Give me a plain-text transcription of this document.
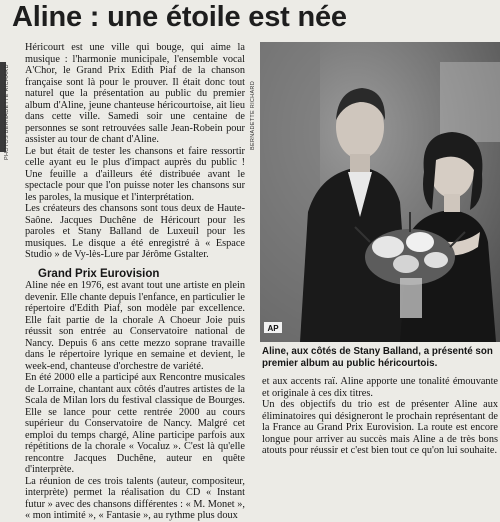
Aline : une étoile est née
PHOTOS BERNADETTE RICHARD

Héricourt est une ville qui bouge, qui aime la musique : l'harmonie municipale, l'ensemble vocal A'Chor, le Grand Prix Edith Piaf de la chanson française sont là pour le prouver. Il était donc tout naturel que la présentation au public du premier album d'Aline, jeune chanteuse héricourtoise, ait lieu dans cette ville. Samedi soir une centaine de personnes se sont retrouvées salle Jean-Robein pour assister au tour de chant d'Aline.

Le but était de tester les chansons et faire ressortir celle ayant eu le plus d'impact auprès du public ! Une feuille a d'ailleurs été distribuée avant le spectacle pour que l'on puisse noter les chansons sur les paroles, la musique et l'interprétation.

Les créateurs des chansons sont tous deux de Haute-Saône. Jacques Duchêne de Héricourt pour les paroles et Stany Balland de Luxeuil pour les musiques. Le disque a été enregistré à « Espace Studio » de Vy-lès-Lure par Jérôme Gstalter.

Grand Prix Eurovision

Aline née en 1976, est avant tout une artiste en plein devenir. Elle chante depuis l'enfance, en particulier le répertoire d'Edith Piaf, son modèle par excellence. Elle fait partie de la chorale A Choeur Joie puis réussit son entrée au Conservatoire national de Nancy. Depuis 6 ans cette mezzo soprane travaille dans le répertoire lyrique en semaine et devient, le week-end, chanteuse d'orchestre de variété.

En été 2000 elle a participé aux Rencontre musicales de Lorraine, chantant aux côtés d'autres artistes de la Scala de Milan lors du festival classique de Bourges. Elle se lance pour cette rentrée 2000 au cours supérieur du Conservatoire de Nancy. Malgré cet emploi du temps chargé, Aline participe parfois aux répétitions de la chorale « Vocaluz ». C'est là qu'elle rencontre Jacques Duchêne, auteur en quête d'interprète.

La réunion de ces trois talents (auteur, compositeur, interprète) permet la réalisation du CD « Instant futur » avec des chansons différentes : « M. Monet », « mon intimité », « Fantasie », au rythme plus doux

BERNADETTE RICHARD
AP
Aline, aux côtés de Stany Balland, a présenté son premier album au public héricourtois.

et aux accents raï. Aline apporte une tonalité émouvante et originale à ces dix titres.

Un des objectifs du trio est de présenter Aline aux éliminatoires qui désigneront le prochain représentant de la France au Grand Prix Eurovision. La route est encore longue pour arriver au succès mais Aline a de très bons atouts pour réussir et c'est bien tout ce qu'on lui souhaite.
